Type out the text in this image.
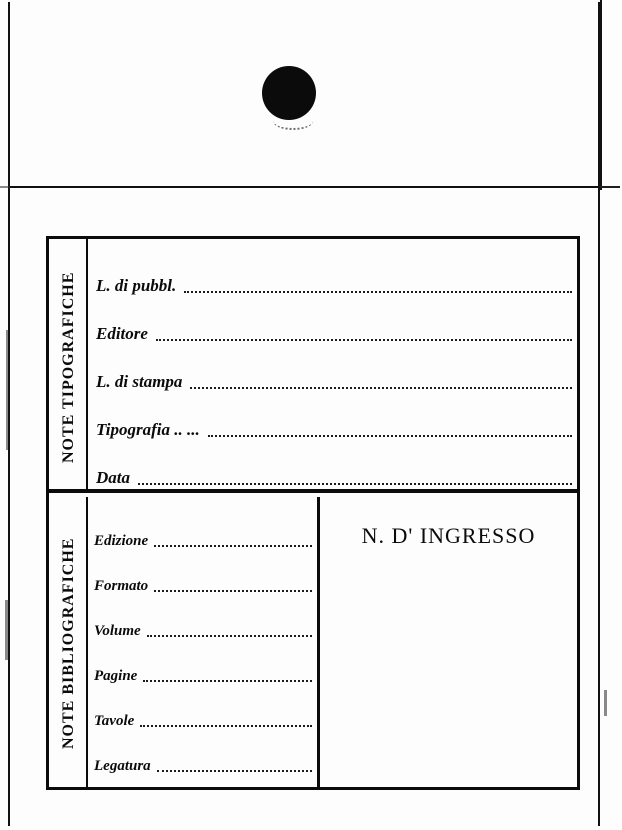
NOTE TIPOGRAFICHE
NOTE BIBLIOGRAFICHE
L. di pubbl.
Editore
L. di stampa
Tipografia .. ...
Data
Edizione
Formato
Volume
Pagine
Tavole
Legatura
N. D' INGRESSO
